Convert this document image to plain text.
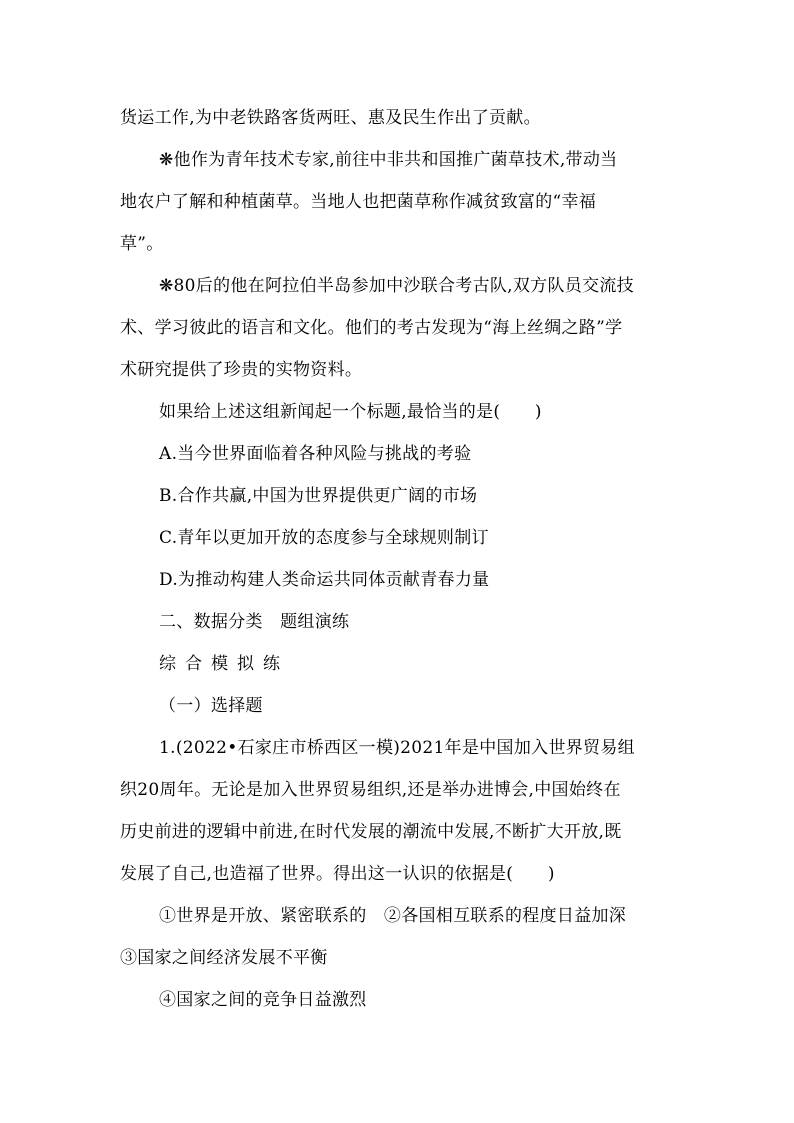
货运工作,为中老铁路客货两旺、惠及民生作出了贡献。
❋他作为青年技术专家,前往中非共和国推广菌草技术,带动当
地农户了解和种植菌草。当地人也把菌草称作减贫致富的“幸福
草”。
❋80后的他在阿拉伯半岛参加中沙联合考古队,双方队员交流技
术、学习彼此的语言和文化。他们的考古发现为“海上丝绸之路”学
术研究提供了珍贵的实物资料。
如果给上述这组新闻起一个标题,最恰当的是(　　)
A.当今世界面临着各种风险与挑战的考验
B.合作共赢,中国为世界提供更广阔的市场
C.青年以更加开放的态度参与全球规则制订
D.为推动构建人类命运共同体贡献青春力量
二、数据分类　题组演练
综合模拟练
（一）选择题
1.(2022•石家庄市桥西区一模)2021年是中国加入世界贸易组
织20周年。无论是加入世界贸易组织,还是举办进博会,中国始终在
历史前进的逻辑中前进,在时代发展的潮流中发展,不断扩大开放,既
发展了自己,也造福了世界。得出这一认识的依据是(　　)
①世界是开放、紧密联系的　②各国相互联系的程度日益加深
③国家之间经济发展不平衡
④国家之间的竞争日益激烈
